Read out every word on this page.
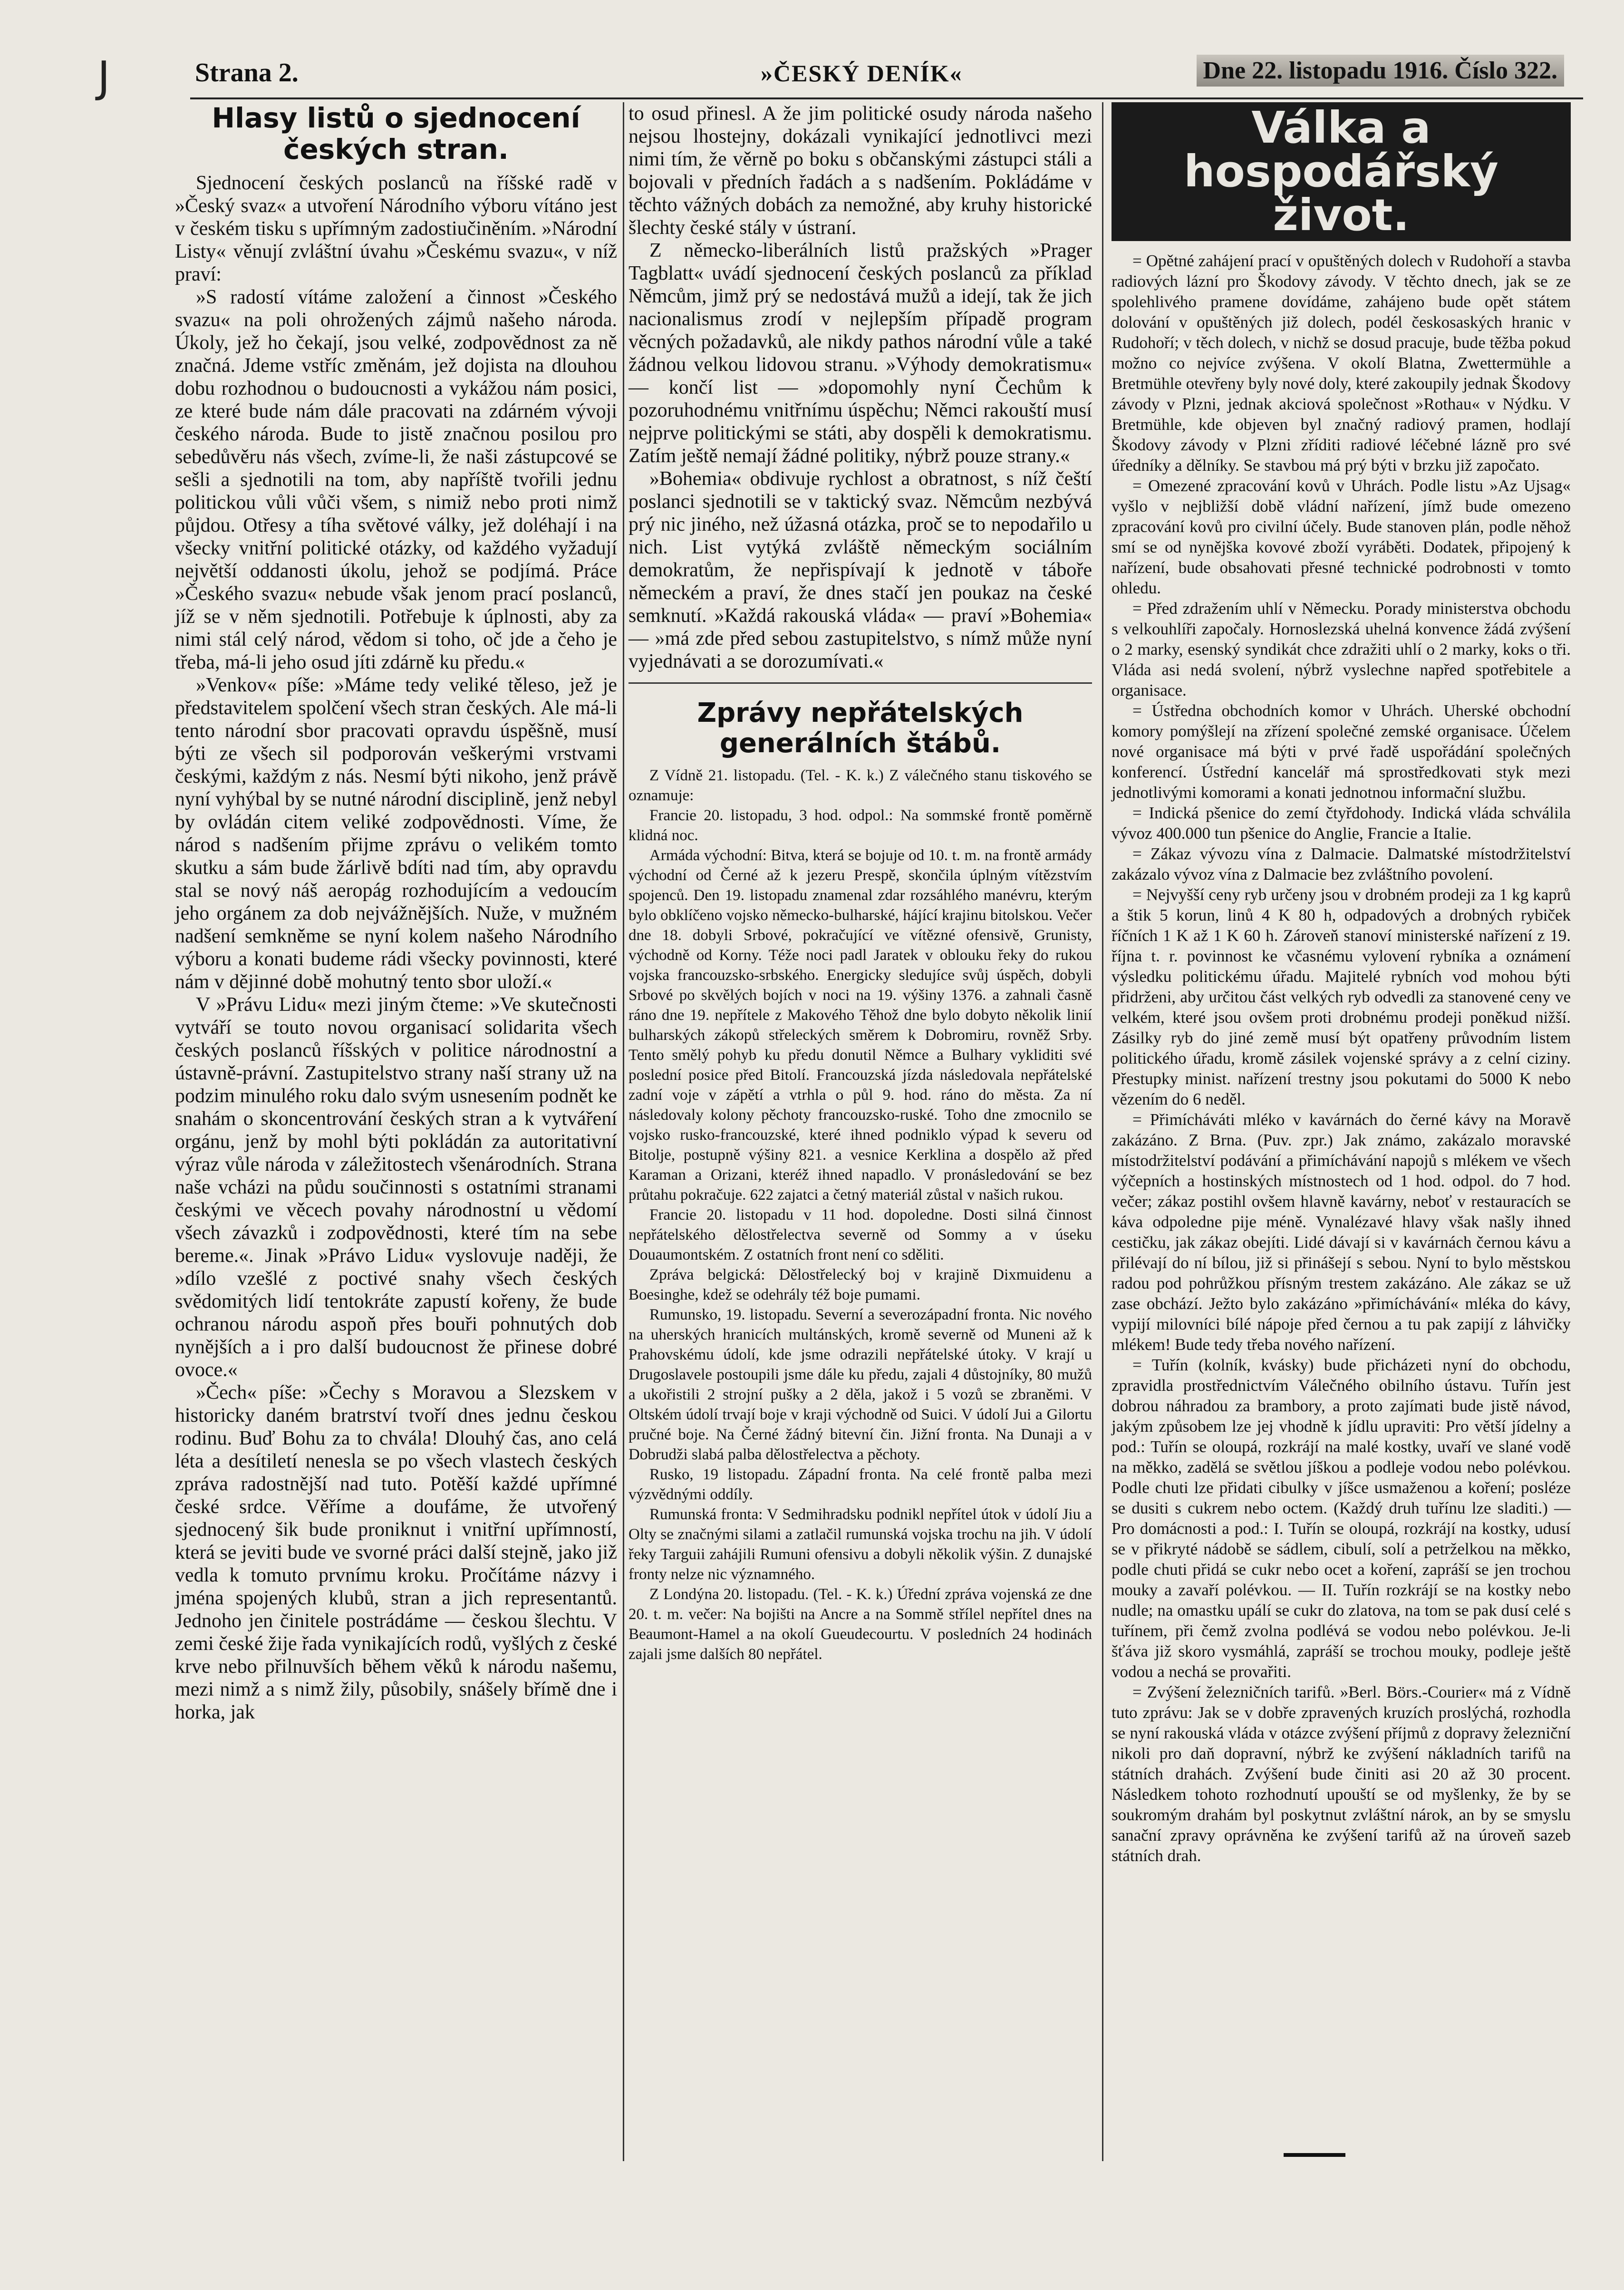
J	Strana 2.	»ČESKÝ DENÍK«	Dne 22. listopadu 1916. Číslo 322.
Hlasy listů o sjednocení českých stran.

Sjednocení českých poslanců na říšské radě v »Český svaz« a utvoření Národního výboru vítáno jest v českém tisku s upřímným zadostiučiněním. »Národní Listy« věnují zvláštní úvahu »Českému svazu«, v níž praví:

»S radostí vítáme založení a činnost »Českého svazu« na poli ohrožených zájmů našeho národa. Úkoly, jež ho čekají, jsou velké, zodpovědnost za ně značná. Jdeme vstříc změnám, jež dojista na dlouhou dobu rozhodnou o budoucnosti a vykážou nám posici, ze které bude nám dále pracovati na zdárném vývoji českého národa. Bude to jistě značnou posilou pro sebedůvěru nás všech, zvíme-li, že naši zástupcové se sešli a sjednotili na tom, aby napříště tvořili jednu politickou vůli vůči všem, s nimiž nebo proti nimž půjdou. Otřesy a tíha světové války, jež doléhají i na všecky vnitřní politické otázky, od každého vyžadují největší oddanosti úkolu, jehož se podjímá. Práce »Českého svazu« nebude však jenom prací poslanců, jíž se v něm sjednotili. Potřebuje k úplnosti, aby za nimi stál celý národ, vědom si toho, oč jde a čeho je třeba, má-li jeho osud jíti zdárně ku předu.«

»Venkov« píše: »Máme tedy veliké těleso, jež je představitelem spolčení všech stran českých. Ale má-li tento národní sbor pracovati opravdu úspěšně, musí býti ze všech sil podporován veškerými vrstvami českými, každým z nás. Nesmí býti nikoho, jenž právě nyní vyhýbal by se nutné národní disciplině, jenž nebyl by ovládán citem veliké zodpovědnosti. Víme, že národ s nadšením přijme zprávu o velikém tomto skutku a sám bude žárlivě bdíti nad tím, aby opravdu stal se nový náš aeropág rozhodujícím a vedoucím jeho orgánem za dob nejvážnějších. Nuže, v mužném nadšení semkněme se nyní kolem našeho Národního výboru a konati budeme rádi všecky povinnosti, které nám v dějinné době mohutný tento sbor uloží.«

V »Právu Lidu« mezi jiným čteme: »Ve skutečnosti vytváří se touto novou organisací solidarita všech českých poslanců říšských v politice národnostní a ústavně-právní. Zastupitelstvo strany naší strany už na podzim minulého roku dalo svým usnesením podnět ke snahám o skoncentrování českých stran a k vytváření orgánu, jenž by mohl býti pokládán za autoritativní výraz vůle národa v záležitostech všenárodních. Strana naše vcházi na půdu součinnosti s ostatními stranami českými ve věcech povahy národnostní u vědomí všech závazků i zodpovědnosti, které tím na sebe bereme.«. Jinak »Právo Lidu« vyslovuje naději, že »dílo vzešlé z poctivé snahy všech českých svědomitých lidí tentokráte zapustí kořeny, že bude ochranou národu aspoň přes bouři pohnutých dob nynějších a i pro další budoucnost že přinese dobré ovoce.«

»Čech« píše: »Čechy s Moravou a Slezskem v historicky daném bratrství tvoří dnes jednu českou rodinu. Buď Bohu za to chvála! Dlouhý čas, ano celá léta a desítiletí nenesla se po všech vlastech českých zpráva radostnější nad tuto. Potěší každé upřímné české srdce. Věříme a doufáme, že utvořený sjednocený šik bude proniknut i vnitřní upřímností, která se jeviti bude ve svorné práci další stejně, jako již vedla k tomuto prvnímu kroku. Pročítáme názvy i jména spojených klubů, stran a jich representantů. Jednoho jen činitele postrádáme — českou šlechtu. V zemi české žije řada vynikajících rodů, vyšlých z české krve nebo přilnuvších během věků k národu našemu, mezi nimž a s nimž žily, působily, snášely břímě dne i horka, jak

to osud přinesl. A že jim politické osudy národa našeho nejsou lhostejny, dokázali vynikající jednotlivci mezi nimi tím, že věrně po boku s občanskými zástupci stáli a bojovali v předních řadách a s nadšením. Pokládáme v těchto vážných dobách za nemožné, aby kruhy historické šlechty české stály v ústraní.

Z německo-liberálních listů pražských »Prager Tagblatt« uvádí sjednocení českých poslanců za příklad Němcům, jimž prý se nedostává mužů a idejí, tak že jich nacionalismus zrodí v nejlepším případě program věcných požadavků, ale nikdy pathos národní vůle a také žádnou velkou lidovou stranu. »Výhody demokratismu« — končí list — »dopomohly nyní Čechům k pozoruhodnému vnitřnímu úspěchu; Němci rakouští musí nejprve politickými se státi, aby dospěli k demokratismu. Zatím ještě nemají žádné politiky, nýbrž pouze strany.«

»Bohemia« obdivuje rychlost a obratnost, s níž čeští poslanci sjednotili se v taktický svaz. Němcům nezbývá prý nic jiného, než úžasná otázka, proč se to nepodařilo u nich. List vytýká zvláště německým sociálním demokratům, že nepřispívají k jednotě v táboře německém a praví, že dnes stačí jen poukaz na české semknutí. »Každá rakouská vláda« — praví »Bohemia« — »má zde před sebou zastupitelstvo, s nímž může nyní vyjednávati a se dorozumívati.«

Zprávy nepřátelských generálních štábů.

Z Vídně 21. listopadu. (Tel. - K. k.) Z válečného stanu tiskového se oznamuje:

Francie 20. listopadu, 3 hod. odpol.: Na sommské frontě poměrně klidná noc.

Armáda východní: Bitva, která se bojuje od 10. t. m. na frontě armády východní od Černé až k jezeru Prespě, skončila úplným vítězstvím spojenců. Den 19. listopadu znamenal zdar rozsáhlého manévru, kterým bylo obklíčeno vojsko německo-bulharské, hájící krajinu bitolskou. Večer dne 18. dobyli Srbové, pokračující ve vítězné ofensivě, Grunisty, východně od Korny. Téže noci padl Jaratek v oblouku řeky do rukou vojska francouzsko-srbského. Energicky sledujíce svůj úspěch, dobyli Srbové po skvělých bojích v noci na 19. výšiny 1376. a zahnali časně ráno dne 19. nepřítele z Makového Těhož dne bylo dobyto několik linií bulharských zákopů střeleckých směrem k Dobromiru, rovněž Srby. Tento smělý pohyb ku předu donutil Němce a Bulhary vykliditi své poslední posice před Bitolí. Francouzská jízda následovala nepřátelské zadní voje v zápětí a vtrhla o půl 9. hod. ráno do města. Za ní následovaly kolony pěchoty francouzsko-ruské. Toho dne zmocnilo se vojsko rusko-francouzské, které ihned podniklo výpad k severu od Bitolje, postupně výšiny 821. a vesnice Kerklina a dospělo až před Karaman a Orizani, kteréž ihned napadlo. V pronásledování se bez průtahu pokračuje. 622 zajatci a četný materiál zůstal v našich rukou.

Francie 20. listopadu v 11 hod. dopoledne. Dosti silná činnost nepřátelského dělostřelectva severně od Sommy a v úseku Douaumontském. Z ostatních front není co sděliti.

Zpráva belgická: Dělostřelecký boj v krajině Dixmuidenu a Boesinghe, kdež se odehrály též boje pumami.

Rumunsko, 19. listopadu. Severní a severozápadní fronta. Nic nového na uherských hranicích multánských, kromě severně od Muneni až k Prahovskému údolí, kde jsme odrazili nepřátelské útoky. V krají u Drugoslavele postoupili jsme dále ku předu, zajali 4 důstojníky, 80 mužů a ukořistili 2 strojní pušky a 2 děla, jakož i 5 vozů se zbraněmi. V Oltském údolí trvají boje v kraji východně od Suici. V údolí Jui a Gilortu pručné boje. Na Černé žádný bitevní čin. Jižní fronta. Na Dunaji a v Dobrudži slabá palba dělostřelectva a pěchoty.

Rusko, 19 listopadu. Západní fronta. Na celé frontě palba mezi výzvědnými oddíly.

Rumunská fronta: V Sedmihradsku podnikl nepřítel útok v údolí Jiu a Olty se značnými silami a zatlačil rumunská vojska trochu na jih. V údolí řeky Targuii zahájili Rumuni ofensivu a dobyli několik výšin. Z dunajské fronty nelze nic významného.

Z Londýna 20. listopadu. (Tel. - K. k.) Úřední zpráva vojenská ze dne 20. t. m. večer: Na bojišti na Ancre a na Sommě střílel nepřítel dnes na Beaumont-Hamel a na okolí Gueudecourtu. V posledních 24 hodinách zajali jsme dalších 80 nepřátel.

Válka a hospodářský život.

= Opětné zahájení prací v opuštěných dolech v Rudohoří a stavba radiových lázní pro Škodovy závody. V těchto dnech, jak se ze spolehlivého pramene dovídáme, zahájeno bude opět státem dolování v opuštěných již dolech, podél českosaských hranic v Rudohoří; v těch dolech, v nichž se dosud pracuje, bude těžba pokud možno co nejvíce zvýšena. V okolí Blatna, Zwettermühle a Bretmühle otevřeny byly nové doly, které zakoupily jednak Škodovy závody v Plzni, jednak akciová společnost »Rothau« v Nýdku. V Bretmühle, kde objeven byl značný radiový pramen, hodlají Škodovy závody v Plzni zříditi radiové léčebné lázně pro své úředníky a dělníky. Se stavbou má prý býti v brzku již započato.

= Omezené zpracování kovů v Uhrách. Podle listu »Az Ujsag« vyšlo v nejbližší době vládní nařízení, jímž bude omezeno zpracování kovů pro civilní účely. Bude stanoven plán, podle něhož smí se od nynějška kovové zboží vyráběti. Dodatek, připojený k nařízení, bude obsahovati přesné technické podrobnosti v tomto ohledu.

= Před zdražením uhlí v Německu. Porady ministerstva obchodu s velkouhlíři započaly. Hornoslezská uhelná konvence žádá zvýšení o 2 marky, esenský syndikát chce zdražiti uhlí o 2 marky, koks o tři. Vláda asi nedá svolení, nýbrž vyslechne napřed spotřebitele a organisace.

= Ústředna obchodních komor v Uhrách. Uherské obchodní komory pomýšlejí na zřízení společné zemské organisace. Účelem nové organisace má býti v prvé řadě uspořádání společných konferencí. Ústřední kancelář má sprostředkovati styk mezi jednotlivými komorami a konati jednotnou informační službu.

= Indická pšenice do zemí čtyřdohody. Indická vláda schválila vývoz 400.000 tun pšenice do Anglie, Francie a Italie.

= Zákaz vývozu vína z Dalmacie. Dalmatské místodržitelství zakázalo vývoz vína z Dalmacie bez zvláštního povolení.

= Nejvyšší ceny ryb určeny jsou v drobném prodeji za 1 kg kaprů a štik 5 korun, linů 4 K 80 h, odpadových a drobných rybiček říčních 1 K až 1 K 60 h. Zároveň stanoví ministerské nařízení z 19. října t. r. povinnost ke včasnému vylovení rybníka a oznámení výsledku politickému úřadu. Majitelé rybních vod mohou býti přidrženi, aby určitou část velkých ryb odvedli za stanovené ceny ve velkém, které jsou ovšem proti drobnému prodeji poněkud nižší. Zásilky ryb do jiné země musí být opatřeny průvodním listem politického úřadu, kromě zásilek vojenské správy a z celní ciziny. Přestupky minist. nařízení trestny jsou pokutami do 5000 K nebo vězením do 6 neděl.

= Přimícháváti mléko v kavárnách do černé kávy na Moravě zakázáno. Z Brna. (Puv. zpr.) Jak známo, zakázalo moravské místodržitelství podávání a přimíchávání napojů s mlékem ve všech výčepních a hostinských místnostech od 1 hod. odpol. do 7 hod. večer; zákaz postihl ovšem hlavně kavárny, neboť v restauracích se káva odpoledne pije méně. Vynalézavé hlavy však našly ihned cestičku, jak zákaz obejíti. Lidé dávají si v kavárnách černou kávu a přilévají do ní bílou, již si přinášejí s sebou. Nyní to bylo městskou radou pod pohrůžkou přísným trestem zakázáno. Ale zákaz se už zase obchází. Ježto bylo zakázáno »přimíchávání« mléka do kávy, vypijí milovníci bílé nápoje před černou a tu pak zapijí z láhvičky mlékem! Bude tedy třeba nového nařízení.

= Tuřín (kolník, kvásky) bude přicházeti nyní do obchodu, zpravidla prostřednictvím Válečného obilního ústavu. Tuřín jest dobrou náhradou za brambory, a proto zajímati bude jistě návod, jakým způsobem lze jej vhodně k jídlu upraviti: Pro větší jídelny a pod.: Tuřín se oloupá, rozkrájí na malé kostky, uvaří ve slané vodě na měkko, zadělá se světlou jíškou a podleje vodou nebo polévkou. Podle chuti lze přidati cibulky v jíšce usmaženou a koření; posléze se dusiti s cukrem nebo octem. (Každý druh tuřínu lze sladiti.) — Pro domácnosti a pod.: I. Tuřín se oloupá, rozkrájí na kostky, udusí se v přikryté nádobě se sádlem, cibulí, solí a petrželkou na měkko, podle chuti přidá se cukr nebo ocet a koření, zapráší se jen trochou mouky a zavaří polévkou. — II. Tuřín rozkrájí se na kostky nebo nudle; na omastku upálí se cukr do zlatova, na tom se pak dusí celé s tuřínem, při čemž zvolna podlévá se vodou nebo polévkou. Je-li šťáva již skoro vysmáhlá, zapráší se trochou mouky, podleje ještě vodou a nechá se provařiti.

= Zvýšení železničních tarifů. »Berl. Börs.-Courier« má z Vídně tuto zprávu: Jak se v dobře zpravených kruzích proslýchá, rozhodla se nyní rakouská vláda v otázce zvýšení příjmů z dopravy železniční nikoli pro daň dopravní, nýbrž ke zvýšení nákladních tarifů na státních drahách. Zvýšení bude činiti asi 20 až 30 procent. Následkem tohoto rozhodnutí upouští se od myšlenky, že by se soukromým drahám byl poskytnut zvláštní nárok, an by se smyslu sanační zpravy oprávněna ke zvýšení tarifů až na úroveň sazeb státních drah.
